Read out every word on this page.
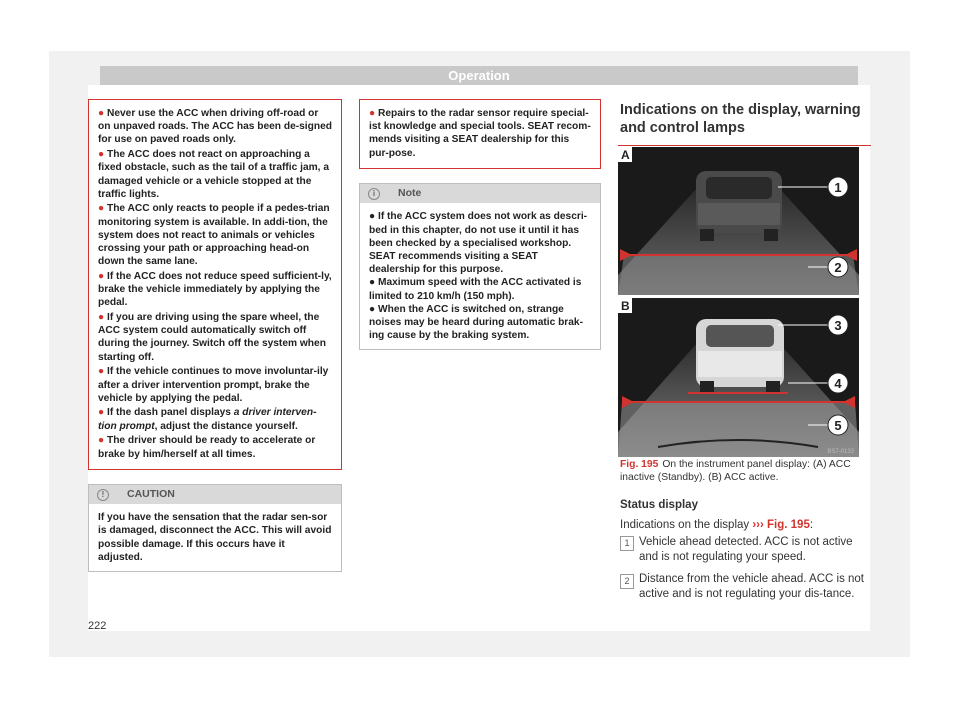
Operation
● Never use the ACC when driving off-road or on unpaved roads. The ACC has been de-signed for use on paved roads only.
● The ACC does not react on approaching a fixed obstacle, such as the tail of a traffic jam, a damaged vehicle or a vehicle stopped at the traffic lights.
● The ACC only reacts to people if a pedes-trian monitoring system is available. In addi-tion, the system does not react to animals or vehicles crossing your path or approaching head-on down the same lane.
● If the ACC does not reduce speed sufficient-ly, brake the vehicle immediately by applying the pedal.
● If you are driving using the spare wheel, the ACC system could automatically switch off during the journey. Switch off the system when starting off.
● If the vehicle continues to move involuntar-ily after a driver intervention prompt, brake the vehicle by applying the pedal.
● If the dash panel displays a driver interven-tion prompt, adjust the distance yourself.
● The driver should be ready to accelerate or brake by him/herself at all times.
!	CAUTION
If you have the sensation that the radar sen-sor is damaged, disconnect the ACC. This will avoid possible damage. If this occurs have it adjusted.
● Repairs to the radar sensor require special-ist knowledge and special tools. SEAT recom-mends visiting a SEAT dealership for this pur-pose.
i	Note
● If the ACC system does not work as descri-bed in this chapter, do not use it until it has been checked by a specialised workshop. SEAT recommends visiting a SEAT dealership for this purpose.
● Maximum speed with the ACC activated is limited to 210 km/h (150 mph).
● When the ACC is switched on, strange noises may be heard during automatic brak-ing cause by the braking system.
Indications on the display, warning and control lamps
A
B
1
2
3
4
5
BS7-0133
Fig. 195 On the instrument panel display: (A) ACC inactive (Standby). (B) ACC active.
Status display
Indications on the display ››› Fig. 195:
1 Vehicle ahead detected. ACC is not active and is not regulating your speed.
2 Distance from the vehicle ahead. ACC is not active and is not regulating your dis-tance.
222
